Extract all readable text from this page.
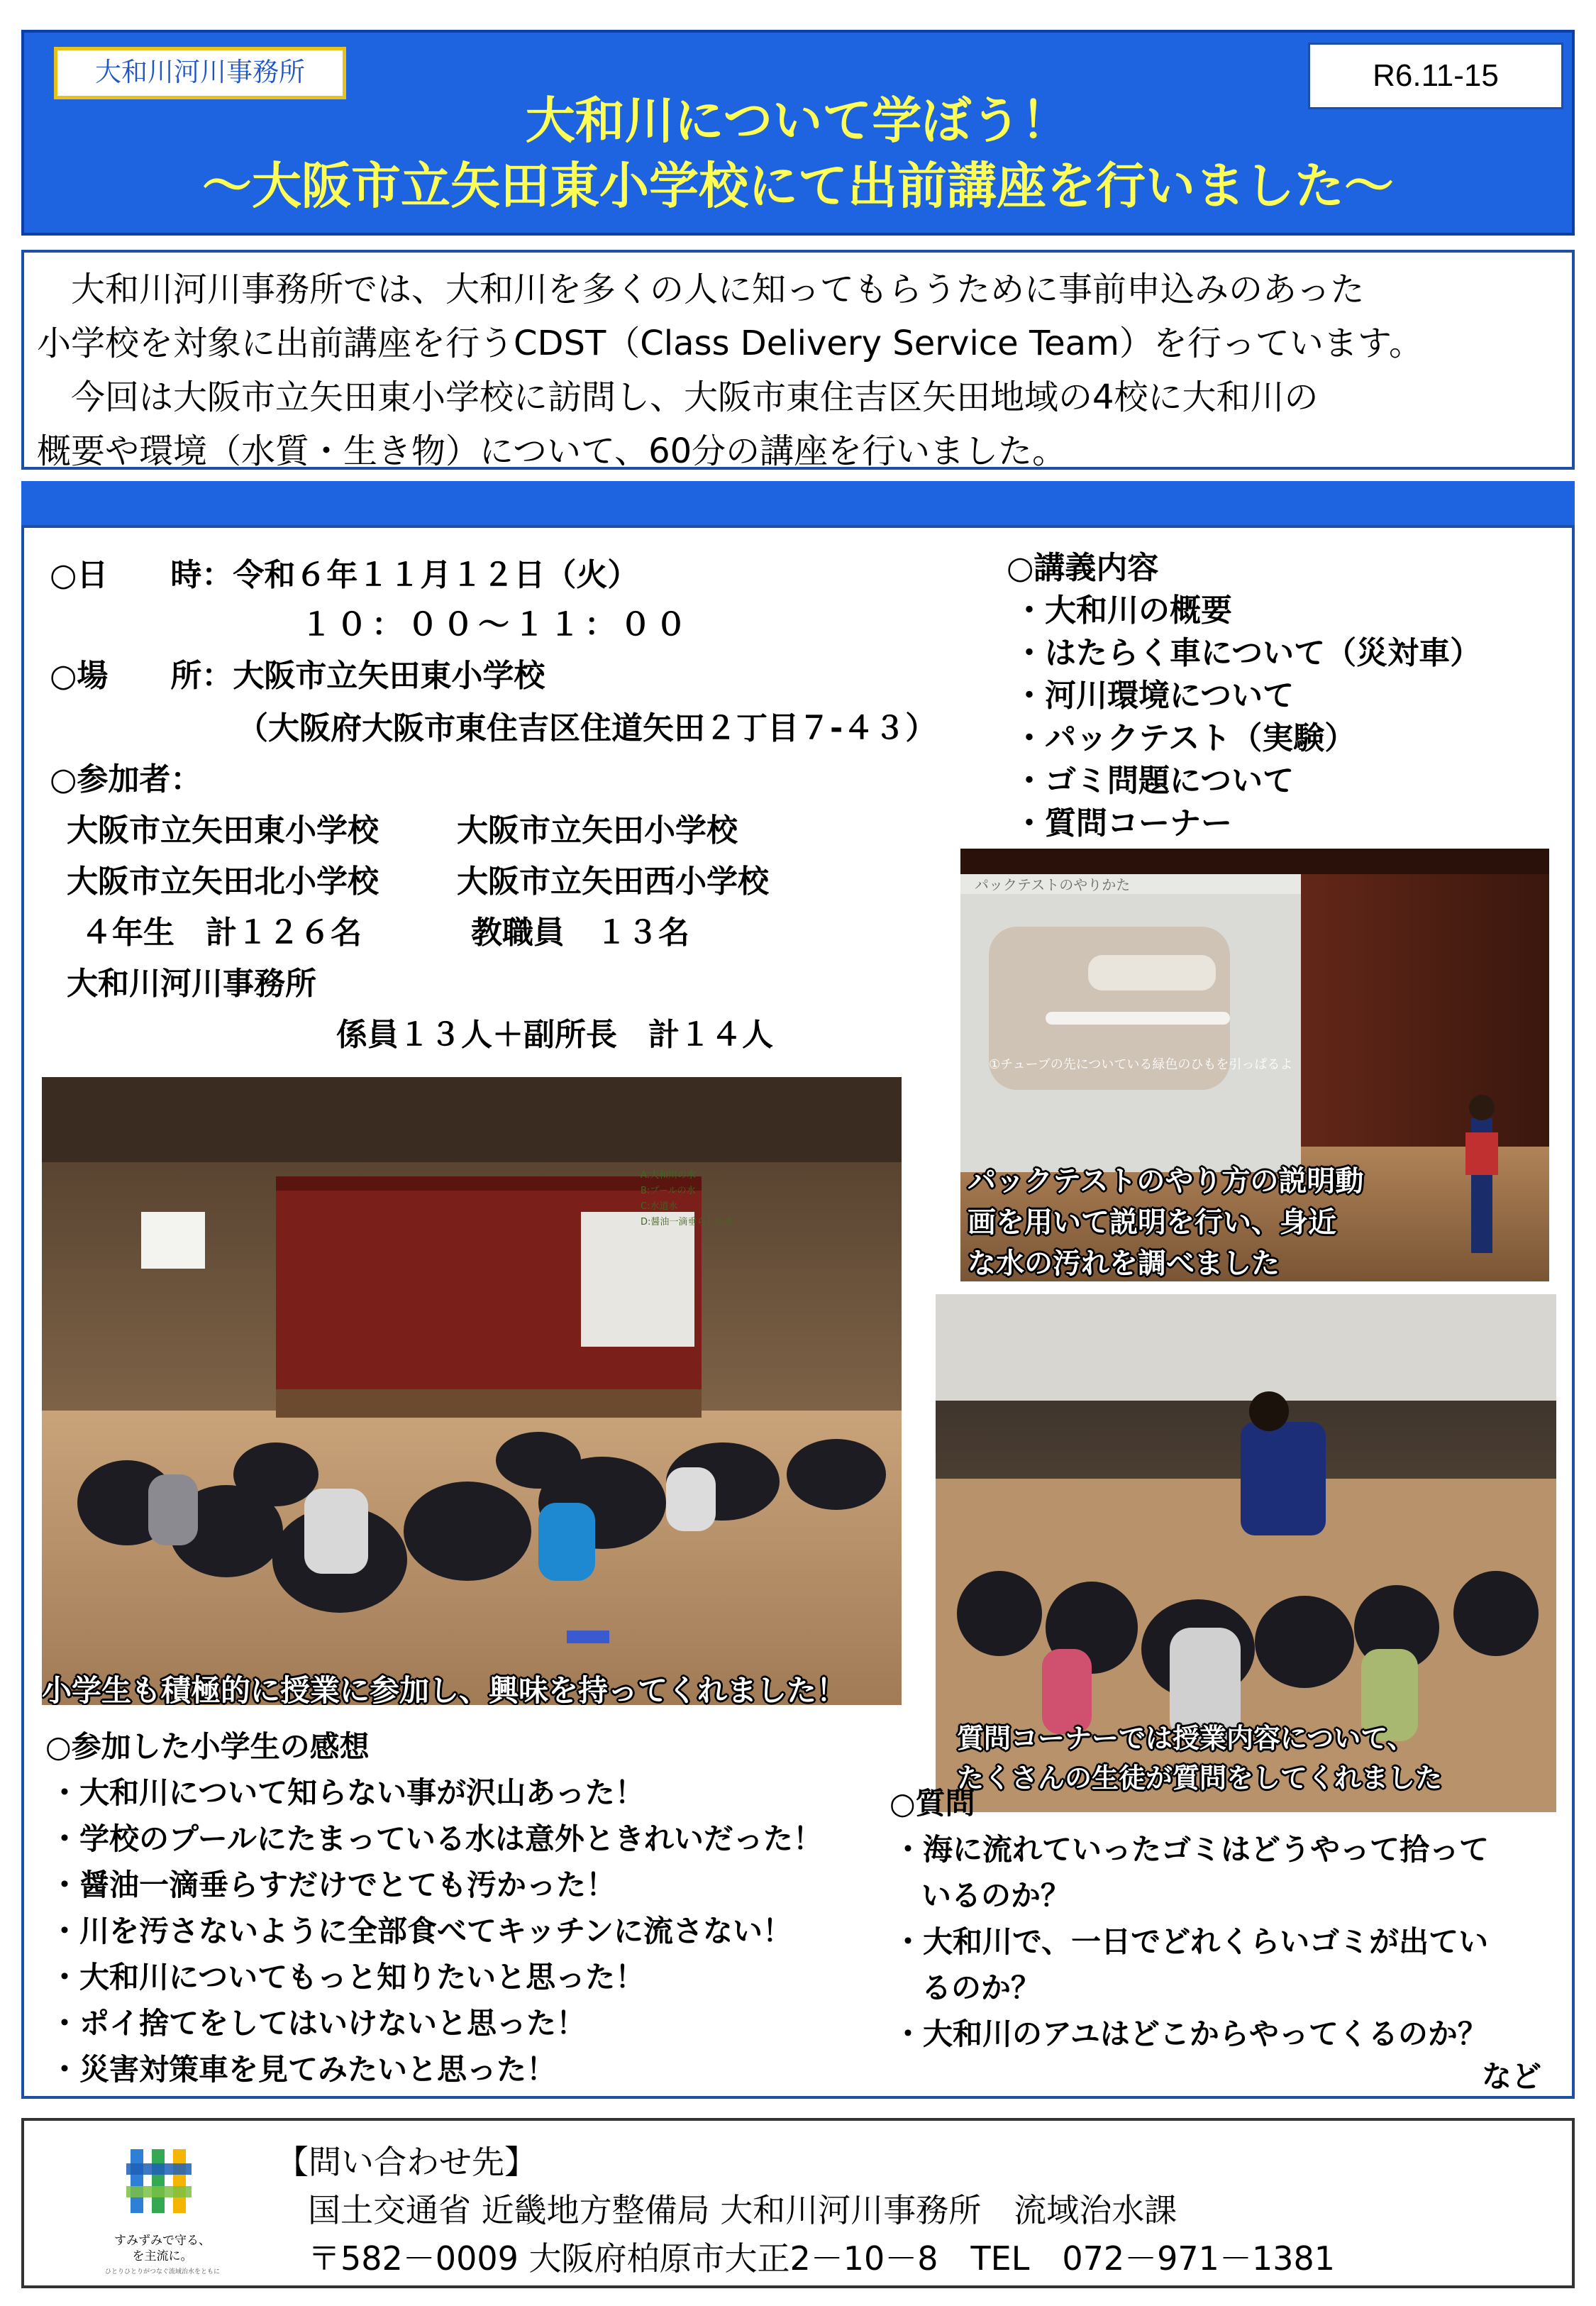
大和川河川事務所	R6.11-15
大和川について学ぼう！
～大阪市立矢田東小学校にて出前講座を行いました～

　大和川河川事務所では、大和川を多くの人に知ってもらうために事前申込みのあった

小学校を対象に出前講座を行うCDST（Class Delivery Service Team）を行っています。

　今回は大阪市立矢田東小学校に訪問し、大阪市東住吉区矢田地域の4校に大和川の

概要や環境（水質・生き物）について、60分の講座を行いました。

○日　　時：令和６年１１月１２日（火）
１０：００～１１：００
○場　　所：大阪市立矢田東小学校
（大阪府大阪市東住吉区住道矢田２丁目７-４３）
○参加者：
大阪市立矢田東小学校	大阪市立矢田小学校
大阪市立矢田北小学校	大阪市立矢田西小学校
４年生　計１２６名	教職員　１３名
大和川河川事務所
係員１３人＋副所長　計１４人
○講義内容
・大和川の概要
・はたらく車について（災対車）
・河川環境について
・パックテスト（実験）
・ゴミ問題について
・質問コーナー
パックテストのやりかた
①チューブの先についている緑色のひもを引っぱるよ
パックテストのやり方の説明動
画を用いて説明を行い、身近
な水の汚れを調べました
小学生も積極的に授業に参加し、興味を持ってくれました！
A:大和川の水
B:プールの水
C:水道水
D:醤油一滴垂らした水
質問コーナーでは授業内容について、
たくさんの生徒が質問をしてくれました
○参加した小学生の感想
・大和川について知らない事が沢山あった！
・学校のプールにたまっている水は意外ときれいだった！
・醤油一滴垂らすだけでとても汚かった！
・川を汚さないように全部食べてキッチンに流さない！
・大和川についてもっと知りたいと思った！
・ポイ捨てをしてはいけないと思った！
・災害対策車を見てみたいと思った！
○質問
・海に流れていったゴミはどうやって拾って
いるのか？
・大和川で、一日でどれくらいゴミが出てい
るのか？
・大和川のアユはどこからやってくるのか？
など
すみずみで守る、
を主流に。
ひとりひとりがつなぐ流域治水をともに
【問い合わせ先】
国土交通省 近畿地方整備局 大和川河川事務所　流域治水課
〒582－0009 大阪府柏原市大正2－10－8　TEL　072－971－1381
